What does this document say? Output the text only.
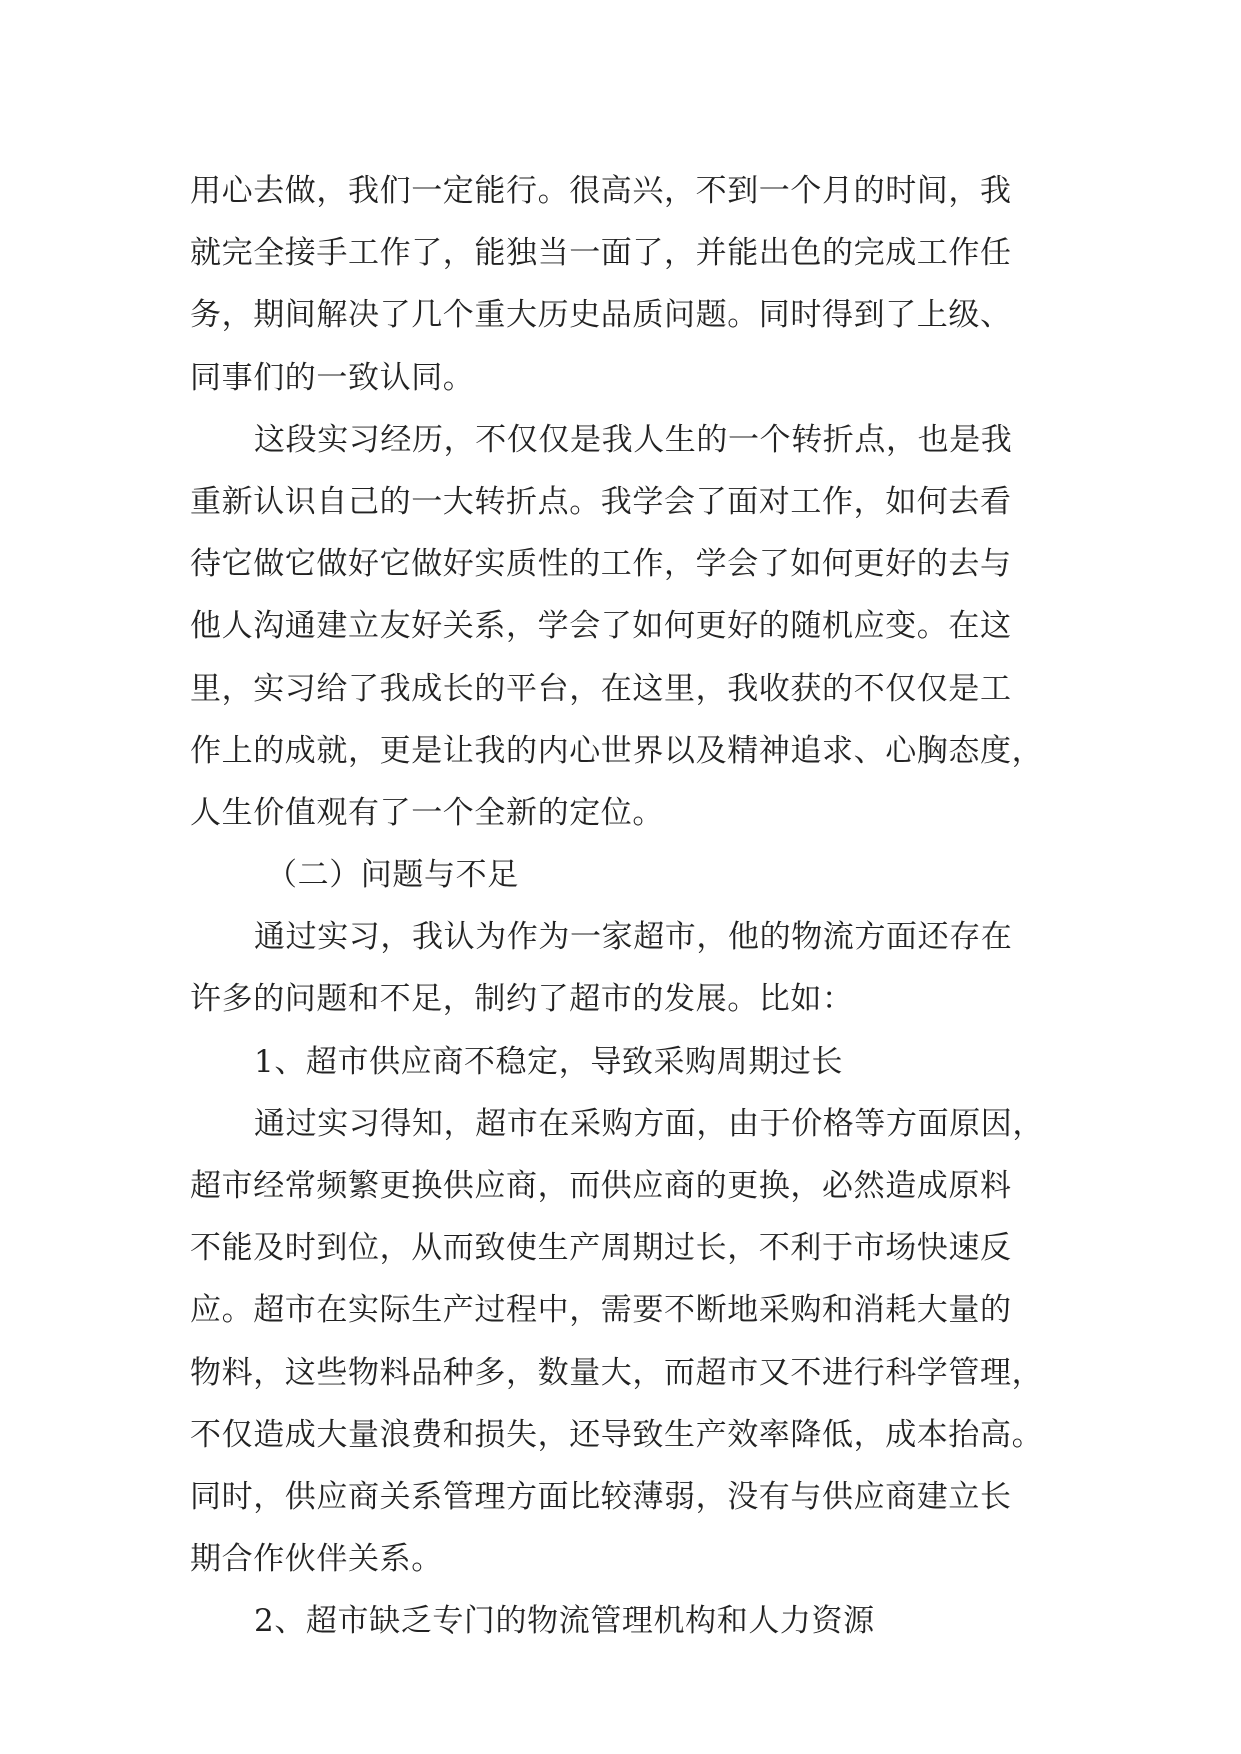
用心去做，我们一定能行。很高兴，不到一个月的时间，我
就完全接手工作了，能独当一面了，并能出色的完成工作任
务，期间解决了几个重大历史品质问题。同时得到了上级、
同事们的一致认同。
这段实习经历，不仅仅是我人生的一个转折点，也是我
重新认识自己的一大转折点。我学会了面对工作，如何去看
待它做它做好它做好实质性的工作，学会了如何更好的去与
他人沟通建立友好关系，学会了如何更好的随机应变。在这
里，实习给了我成长的平台，在这里，我收获的不仅仅是工
作上的成就，更是让我的内心世界以及精神追求、心胸态度，
人生价值观有了一个全新的定位。
（二）问题与不足
通过实习，我认为作为一家超市，他的物流方面还存在
许多的问题和不足，制约了超市的发展。比如：
1、超市供应商不稳定，导致采购周期过长
通过实习得知，超市在采购方面，由于价格等方面原因，
超市经常频繁更换供应商，而供应商的更换，必然造成原料
不能及时到位，从而致使生产周期过长，不利于市场快速反
应。超市在实际生产过程中，需要不断地采购和消耗大量的
物料，这些物料品种多，数量大，而超市又不进行科学管理，
不仅造成大量浪费和损失，还导致生产效率降低，成本抬高。
同时，供应商关系管理方面比较薄弱，没有与供应商建立长
期合作伙伴关系。
2、超市缺乏专门的物流管理机构和人力资源
